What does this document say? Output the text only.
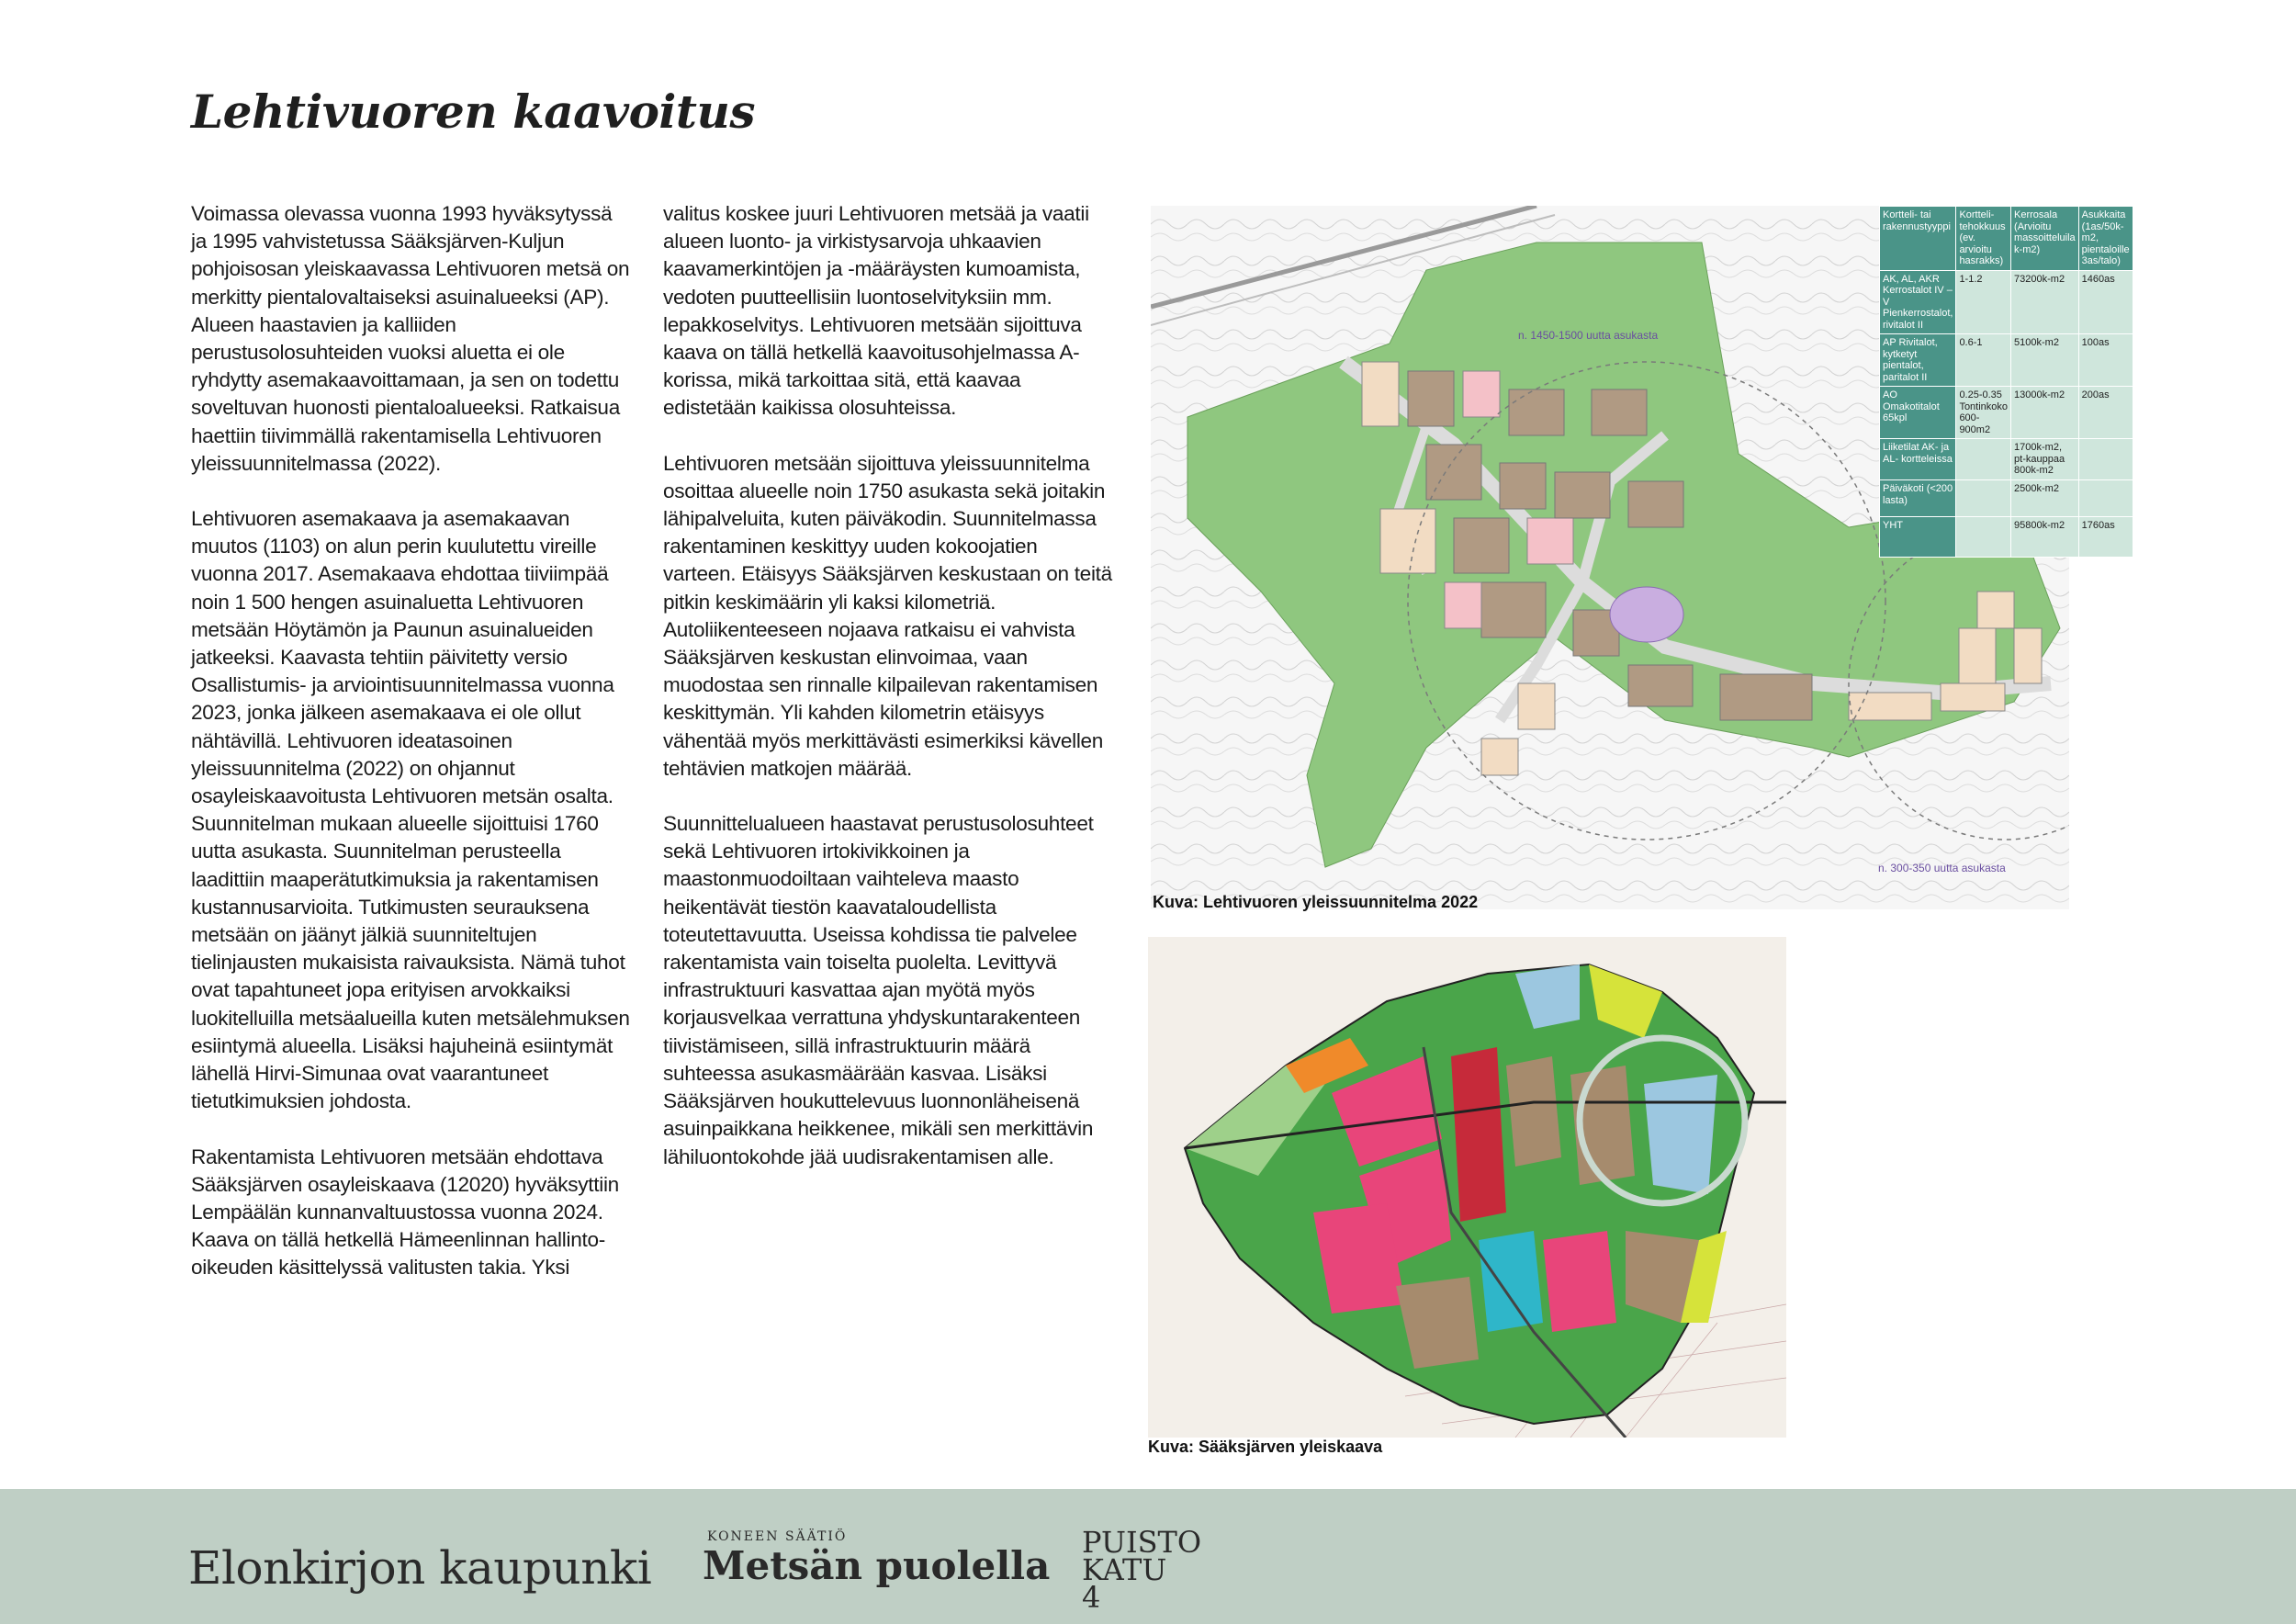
Lehtivuoren kaavoitus

Voimassa olevassa vuonna 1993 hyväksytyssä ja 1995 vahvistetussa Sääksjärven-Kuljun pohjoisosan yleiskaavassa Lehtivuoren metsä on merkitty pientalovaltaiseksi asuinalueeksi (AP). Alueen haastavien ja kalliiden perustusolosuhteiden vuoksi aluetta ei ole ryhdytty asemakaavoittamaan, ja sen on todettu soveltuvan huonosti pientaloalueeksi. Ratkaisua haettiin tiivimmällä rakentamisella Lehtivuoren yleissuunnitelmassa (2022).

Lehtivuoren asemakaava ja asemakaavan muutos (1103) on alun perin kuulutettu vireille vuonna 2017. Asemakaava ehdottaa tiiviimpää noin 1 500 hengen asuinaluetta Lehtivuoren metsään Höytämön ja Paunun asuinalueiden jatkeeksi. Kaavasta tehtiin päivitetty versio Osallistumis- ja arviointisuunnitelmassa vuonna 2023, jonka jälkeen asemakaava ei ole ollut nähtävillä. Lehtivuoren ideatasoinen yleissuunnitelma (2022) on ohjannut osayleiskaavoitusta Lehtivuoren metsän osalta. Suunnitelman mukaan alueelle sijoittuisi 1760 uutta asukasta. Suunnitelman perusteella laadittiin maaperätutkimuksia ja rakentamisen kustannusarvioita. Tutkimusten seurauksena metsään on jäänyt jälkiä suunniteltujen tielinjausten mukaisista raivauksista. Nämä tuhot ovat tapahtuneet jopa erityisen arvokkaiksi luokitelluilla metsäalueilla kuten metsälehmuksen esiintymä alueella. Lisäksi hajuheinä esiintymät lähellä Hirvi-Simunaa ovat vaarantuneet tietutkimuksien johdosta.

Rakentamista Lehtivuoren metsään ehdottava Sääksjärven osayleiskaava (12020) hyväksyttiin Lempäälän kunnanvaltuustossa vuonna 2024. Kaava on tällä hetkellä Hämeenlinnan hallinto-oikeuden käsittelyssä valitusten takia. Yksi

valitus koskee juuri Lehtivuoren metsää ja vaatii alueen luonto- ja virkistysarvoja uhkaavien kaavamerkintöjen ja -määräysten kumoamista, vedoten puutteellisiin luontoselvityksiin mm. lepakkoselvitys. Lehtivuoren metsään sijoittuva kaava on tällä hetkellä kaavoitusohjelmassa A-korissa, mikä tarkoittaa sitä, että kaavaa edistetään kaikissa olosuhteissa.

Lehtivuoren metsään sijoittuva yleissuunnitelma osoittaa alueelle noin 1750 asukasta sekä joitakin lähipalveluita, kuten päiväkodin. Suunnitelmassa rakentaminen keskittyy uuden kokoojatien varteen. Etäisyys Sääksjärven keskustaan on teitä pitkin keskimäärin yli kaksi kilometriä. Autoliikenteeseen nojaava ratkaisu ei vahvista Sääksjärven keskustan elinvoimaa, vaan muodostaa sen rinnalle kilpailevan rakentamisen keskittymän. Yli kahden kilometrin etäisyys vähentää myös merkittävästi esimerkiksi kävellen tehtävien matkojen määrää.

Suunnittelualueen haastavat perustusolosuhteet sekä Lehtivuoren irtokivikkoinen ja maastonmuodoiltaan vaihteleva maasto heikentävät tiestön kaavataloudellista toteutettavuutta. Useissa kohdissa tie palvelee rakentamista vain toiselta puolelta. Levittyvä infrastruktuuri kasvattaa ajan myötä myös korjausvelkaa verrattuna yhdyskuntarakenteen tiivistämiseen, sillä infrastruktuurin määrä suhteessa asukasmäärään kasvaa. Lisäksi Sääksjärven houkuttelevuus luonnonläheisenä asuinpaikkana heikkenee, mikäli sen merkittävin lähiluontokohde jää uudisrakentamisen alle.

n. 1450-1500 uutta asukasta
n. 300-350 uutta asukasta
Kortteli- tai rakennustyyppi	Kortteli-tehokkuus (ev. arvioitu hasrakks)	Kerrosala (Arvioitu massoitteluila k-m2)	Asukkaita (1as/50k-m2, pientaloille 3as/talo)
AK, AL, AKR Kerrostalot IV – V Pienkerrostalot, rivitalot II	1-1.2	73200k-m2	1460as
AP Rivitalot, kytketyt pientalot, paritalot II	0.6-1	5100k-m2	100as
AO Omakotitalot 65kpl	0.25-0.35 Tontinkoko 600-900m2	13000k-m2	200as
Liiketilat AK- ja AL- kortteleissa		1700k-m2, pt-kauppaa 800k-m2	
Päiväkoti (<200 lasta)		2500k-m2	
YHT		95800k-m2	1760as
Kuva: Lehtivuoren yleissuunnitelma 2022
Kuva: Sääksjärven yleiskaava
Elonkirjon kaupunki
KONEEN SÄÄTIÖ
Metsän puolella
PUISTO
KATU 4
